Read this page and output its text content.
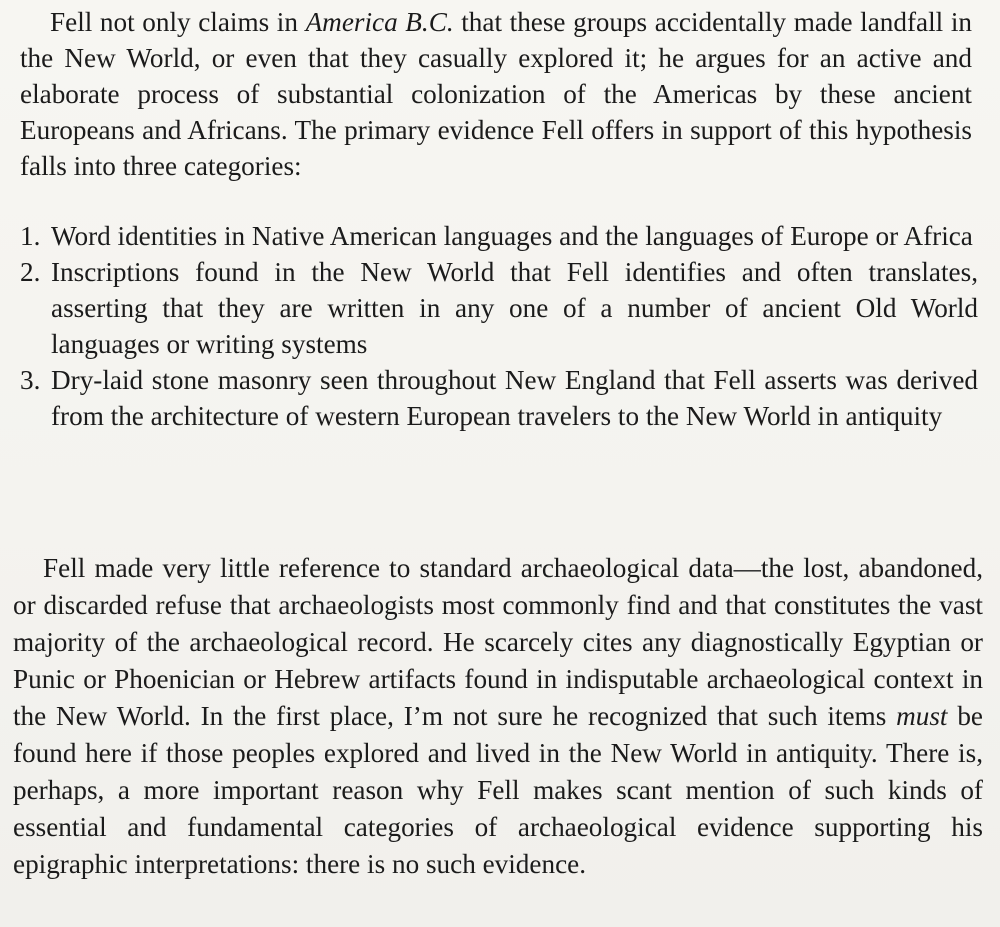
Fell not only claims in America B.C. that these groups accidentally made landfall in the New World, or even that they casually explored it; he argues for an active and elaborate process of substantial colonization of the Americas by these ancient Europeans and Africans. The primary evidence Fell offers in support of this hypothesis falls into three categories:

1. Word identities in Native American languages and the languages of Europe or Africa
2. Inscriptions found in the New World that Fell identifies and often translates, asserting that they are written in any one of a number of ancient Old World languages or writing systems
3. Dry-laid stone masonry seen throughout New England that Fell asserts was derived from the architecture of western European travelers to the New World in antiquity

Fell made very little reference to standard archaeological data—the lost, abandoned, or discarded refuse that archaeologists most commonly find and that constitutes the vast majority of the archaeological record. He scarcely cites any diagnostically Egyptian or Punic or Phoenician or Hebrew artifacts found in indisputable archaeological context in the New World. In the first place, I’m not sure he recognized that such items must be found here if those peoples explored and lived in the New World in antiquity. There is, perhaps, a more important reason why Fell makes scant mention of such kinds of essential and fundamental categories of archaeological evidence supporting his epigraphic interpretations: there is no such evidence.
